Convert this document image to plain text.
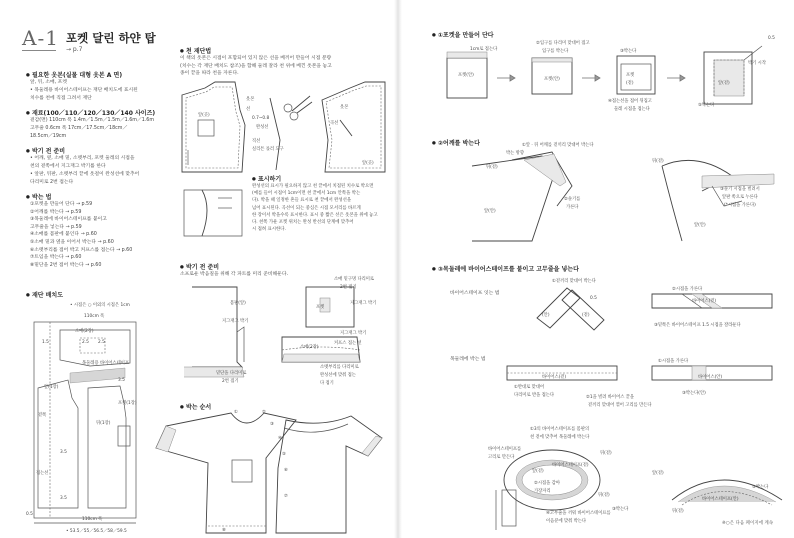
A-1 포켓 달린 하얀 탑
→ p.7
● 필요한 옷본(실물 대형 옷본 A 면)
앞, 뒤, 소매, 포켓
• 목둘레용 바이어스테이프는 재단 배치도에 표시된
치수를 천에 직접 그려서 재단
● 재료(100／110／120／130／140 사이즈)
겉감(면) 110cm 폭 1.4m／1.5m／1.5m／1.6m／1.6m
고무줄 0.6cm 폭 17cm／17.5cm／18cm／
18.5cm／19cm
● 박기 전 준비
• 어깨, 옆, 소매 밑, 소맷부리, 포켓 둘레의 시접을
천의 겉쪽에서 지그재그 박기를 한다
• 앞판, 뒤판, 소맷부리 끝에 옷걸이 완성선에 맞추어
다리미로 2번 접는다
● 박는 법
①포켓을 만들어 단다 → p.59
②어깨를 박는다 → p.59
③목둘레에 바이어스테이프를 붙이고
고무줄을 넣는다 → p.59
④소매를 몸판에 붙인다 → p.60
⑤소매 밑과 옆을 이어서 박는다 → p.60
⑥소맷부리를 접어 박고 커프스를 접는다 → p.60
⑦트임을 박는다 → p.60
⑧밑단을 2번 접어 박는다 → p.60
● 재단 배치도
• 시접은 ○ 이외의 시접은 1cm
110cm 폭
소매(2장)
목둘레용 바이어스테이프
앞(1장)
뒤(1장)
포켓(1장)
겉쪽
접는선
2.5 2.5
3.5
3.5
3.5
1.5
0.5
110cm 폭
• 53.5／55／56.5／58／59.5
● 천 재단법
이 책의 옷본은 시접이 포함되어 있지 않은 선을 베끼어 만들어 시접 분량
(치수는 각 재단 배치도 참조)을 합해 둘레 잘라 천 위에 베낀 옷본을 놓고
종이 끝을 따라 천을 자른다.
앞(곳)
옷본
선
0.7~0.8
완성선
직선
실리튼 롤러 도구
옷본
곡선
앞(곳)
● 표시하기
완성선의 표시가 필요하지 않고 천 끝에서 치접된 치수로 박으면
(예를 들어 시접이 1cm이면 천 끝에서 1cm 안쪽을 박는
다). 박을 때 일정한 흔들 표시로 천 끝에서 완성선을
넘어 표시된다. 곡선이 되는 중심은 시접 모서리를 바르게
한 장이서 박을수록 표시한다. 표시 중 짧은 선은 옷본을 위에 놓고
다. 천쪽 가운 포켓 위치는 완성 반선의 단계에 맞추어
시 접혀 표시한다.
● 박기 전 준비
소프로운 박음질을 위해 각 파트를 미리 준비해둔다.
몸판(앞)
지그재그 박기
밑단을 다리미로
2번 접기
소매 밑구멍 다리미로
2번 접기
포켓
지그재그 박기
소매(2장)
커프스 접는 선
지그재그 박기
소맷부리를 다리미로
완성선에 맞춰 접는
다 접기
● 박는 순서
①	②
③
④
⑤
⑥
⑦
⑧
● ①포켓을 만들어 단다
포켓(안)
1cm로 접는다
②입구를 다리미 맞대어 접고
입구를 박는다
포켓(안)
③박는다
포켓
(겉)
④접는선을 접어 뒤집고
둘레 시접을 접는다
0.5
앞(겉)
박기 시작
⑤박는다
● ②어깨를 박는다	①앞 · 뒤 어깨를 겉끼리 맞대어 박는다
박는 방향
뒤(겉)
앞(안)
②솔기를
가른다
뒤(겉)
③솔기 시접을 벌려서
앞판 쪽으로 누른다
(*시접을 가른다)
앞(안)
● ③목둘레에 바이어스테이프를 붙이고 고무줄을 넣는다
바이어스테이프 잇는 법
목둘레에 박는 법
①겉끼리 맞대어 박는다
(안)	(겉)
0.5
②시접을 가른다
바이어스(겉)
③밑쪽은 바이어스테이프 1.5 시접을 잘라둔다
①시접을 가른다
바이어스(겉)
①반대로 맞대어
다리미로 반을 접는다	②1을 벌려 바이어스 끝을
겉끼리 맞대어 꺾어 고리를 만든다
바이어스(안)
③박는다(안)
①3의 바이어스테이프를 몸판의
천 겉에 맞추어 목둘레에 박는다
바이어스테이프를
고리로 만든다
앞(겉)
바이어스테이프(겉)
뒤(겉)
②시접을 감아
가장자리
뒤(겉)
④고무줄을 끼워 바이어스테이프를
이음분에 맞춰 박는다
⑤박는다
③박는다
앞(겉)
바이어스테이프(안)
뒤(겉)
※○은 다음 페이지에 계속
